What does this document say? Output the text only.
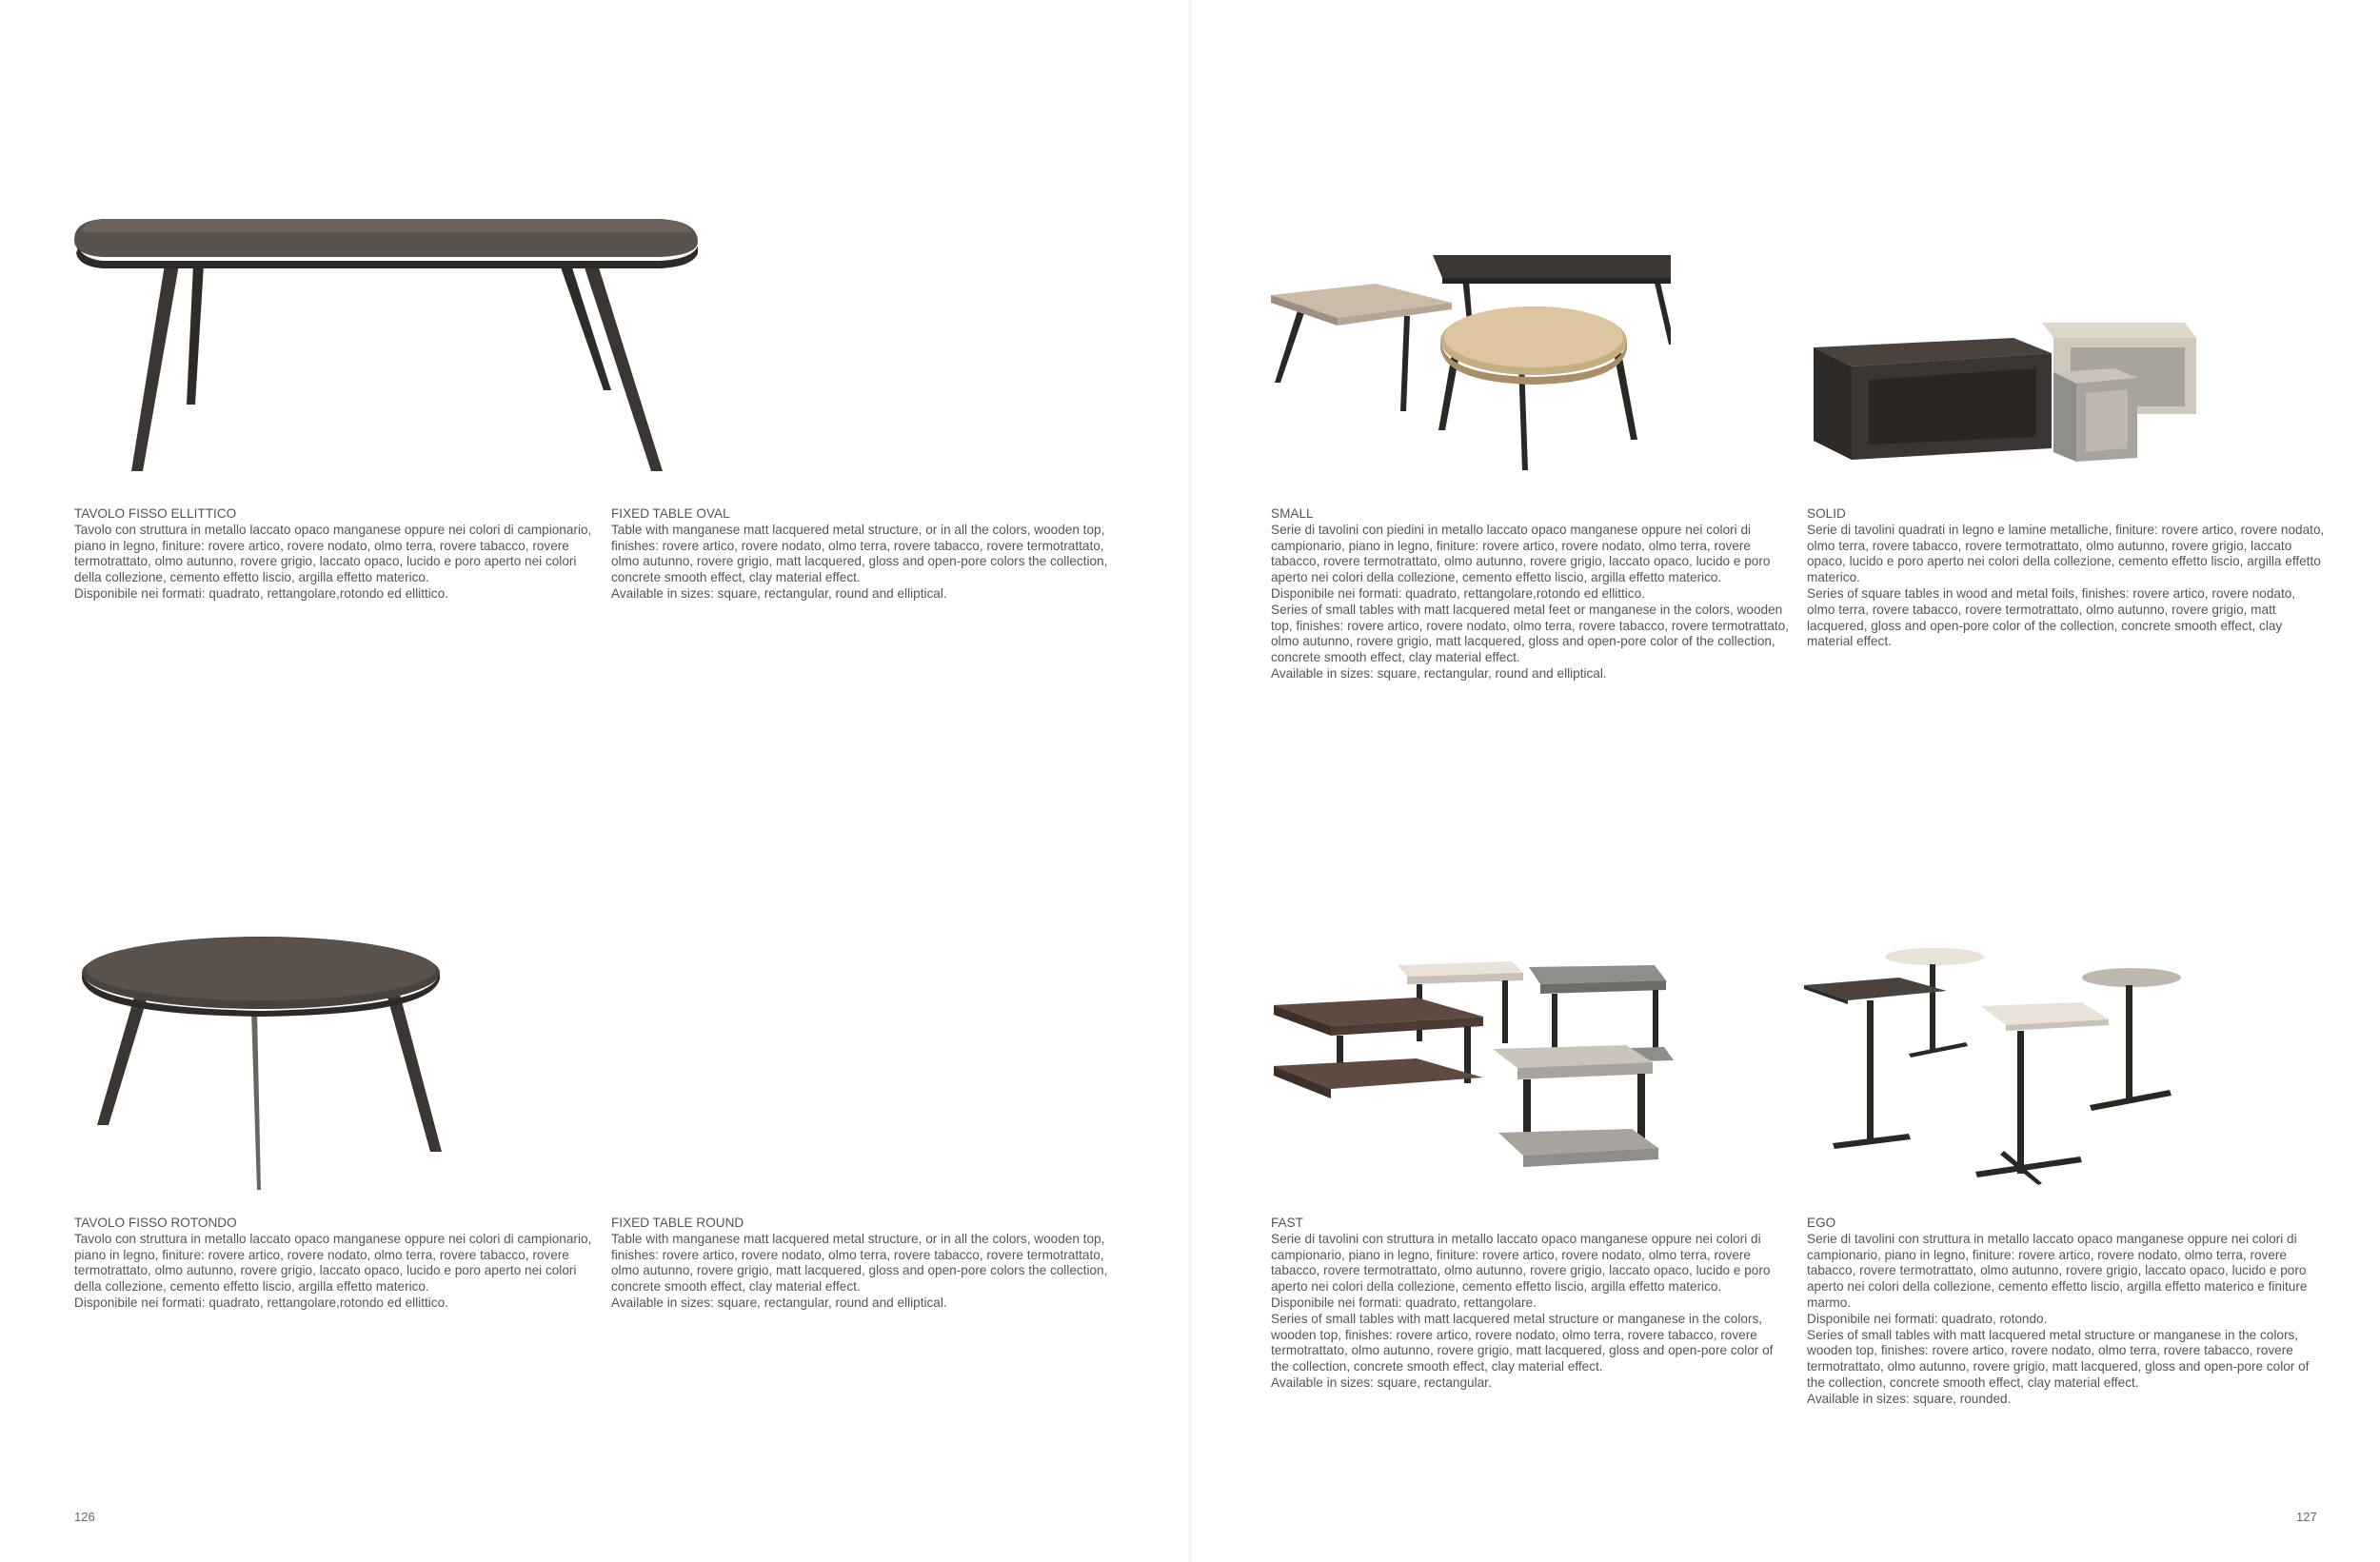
TAVOLO FISSO ELLITTICO

Tavolo con struttura in metallo laccato opaco manganese oppure nei colori di campionario, piano in legno, finiture: rovere artico, rovere nodato, olmo terra, rovere tabacco, rovere termotrattato, olmo autunno, rovere grigio, laccato opaco, lucido e poro aperto nei colori della collezione, cemento effetto liscio, argilla effetto materico.

Disponibile nei formati: quadrato, rettangolare,rotondo ed ellittico.

FIXED TABLE OVAL

Table with manganese matt lacquered metal structure, or in all the colors, wooden top, finishes: rovere artico, rovere nodato, olmo terra, rovere tabacco, rovere termotrattato, olmo autunno, rovere grigio, matt lacquered, gloss and open-pore colors the collection, concrete smooth effect, clay material effect.

Available in sizes: square, rectangular, round and elliptical.

SMALL

Serie di tavolini con piedini in metallo laccato opaco manganese oppure nei colori di campionario, piano in legno, finiture: rovere artico, rovere nodato, olmo terra, rovere tabacco, rovere termotrattato, olmo autunno, rovere grigio, laccato opaco, lucido e poro aperto nei colori della collezione, cemento effetto liscio, argilla effetto materico.

Disponibile nei formati: quadrato, rettangolare,rotondo ed ellittico.

Series of small tables with matt lacquered metal feet or manganese in the colors, wooden top, finishes: rovere artico, rovere nodato, olmo terra, rovere tabacco, rovere termotrattato, olmo autunno, rovere grigio, matt lacquered, gloss and open-pore color of the collection, concrete smooth effect, clay material effect.

Available in sizes: square, rectangular, round and elliptical.

SOLID

Serie di tavolini quadrati in legno e lamine metalliche, finiture: rovere artico, rovere nodato, olmo terra, rovere tabacco, rovere termotrattato, olmo autunno, rovere grigio, laccato opaco, lucido e poro aperto nei colori della collezione, cemento effetto liscio, argilla effetto materico.

Series of square tables in wood and metal foils, finishes: rovere artico, rovere nodato, olmo terra, rovere tabacco, rovere termotrattato, olmo autunno, rovere grigio, matt lacquered, gloss and open-pore color of the collection, concrete smooth effect, clay material effect.

TAVOLO FISSO ROTONDO

Tavolo con struttura in metallo laccato opaco manganese oppure nei colori di campionario, piano in legno, finiture: rovere artico, rovere nodato, olmo terra, rovere tabacco, rovere termotrattato, olmo autunno, rovere grigio, laccato opaco, lucido e poro aperto nei colori della collezione, cemento effetto liscio, argilla effetto materico.

Disponibile nei formati: quadrato, rettangolare,rotondo ed ellittico.

FIXED TABLE ROUND

Table with manganese matt lacquered metal structure, or in all the colors, wooden top, finishes: rovere artico, rovere nodato, olmo terra, rovere tabacco, rovere termotrattato, olmo autunno, rovere grigio, matt lacquered, gloss and open-pore colors the collection, concrete smooth effect, clay material effect.

Available in sizes: square, rectangular, round and elliptical.

FAST

Serie di tavolini con struttura in metallo laccato opaco manganese oppure nei colori di campionario, piano in legno, finiture: rovere artico, rovere nodato, olmo terra, rovere tabacco, rovere termotrattato, olmo autunno, rovere grigio, laccato opaco, lucido e poro aperto nei colori della collezione, cemento effetto liscio, argilla effetto materico.

Disponibile nei formati: quadrato, rettangolare.

Series of small tables with matt lacquered metal structure or manganese in the colors, wooden top, finishes: rovere artico, rovere nodato, olmo terra, rovere tabacco, rovere termotrattato, olmo autunno, rovere grigio, matt lacquered, gloss and open-pore color of the collection, concrete smooth effect, clay material effect.

Available in sizes: square, rectangular.

EGO

Serie di tavolini con struttura in metallo laccato opaco manganese oppure nei colori di campionario, piano in legno, finiture: rovere artico, rovere nodato, olmo terra, rovere tabacco, rovere termotrattato, olmo autunno, rovere grigio, laccato opaco, lucido e poro aperto nei colori della collezione, cemento effetto liscio, argilla effetto materico e finiture marmo.

Disponibile nei formati: quadrato, rotondo.

Series of small tables with matt lacquered metal structure or manganese in the colors, wooden top, finishes: rovere artico, rovere nodato, olmo terra, rovere tabacco, rovere termotrattato, olmo autunno, rovere grigio, matt lacquered, gloss and open-pore color of the collection, concrete smooth effect, clay material effect.

Available in sizes: square, rounded.

126	127
